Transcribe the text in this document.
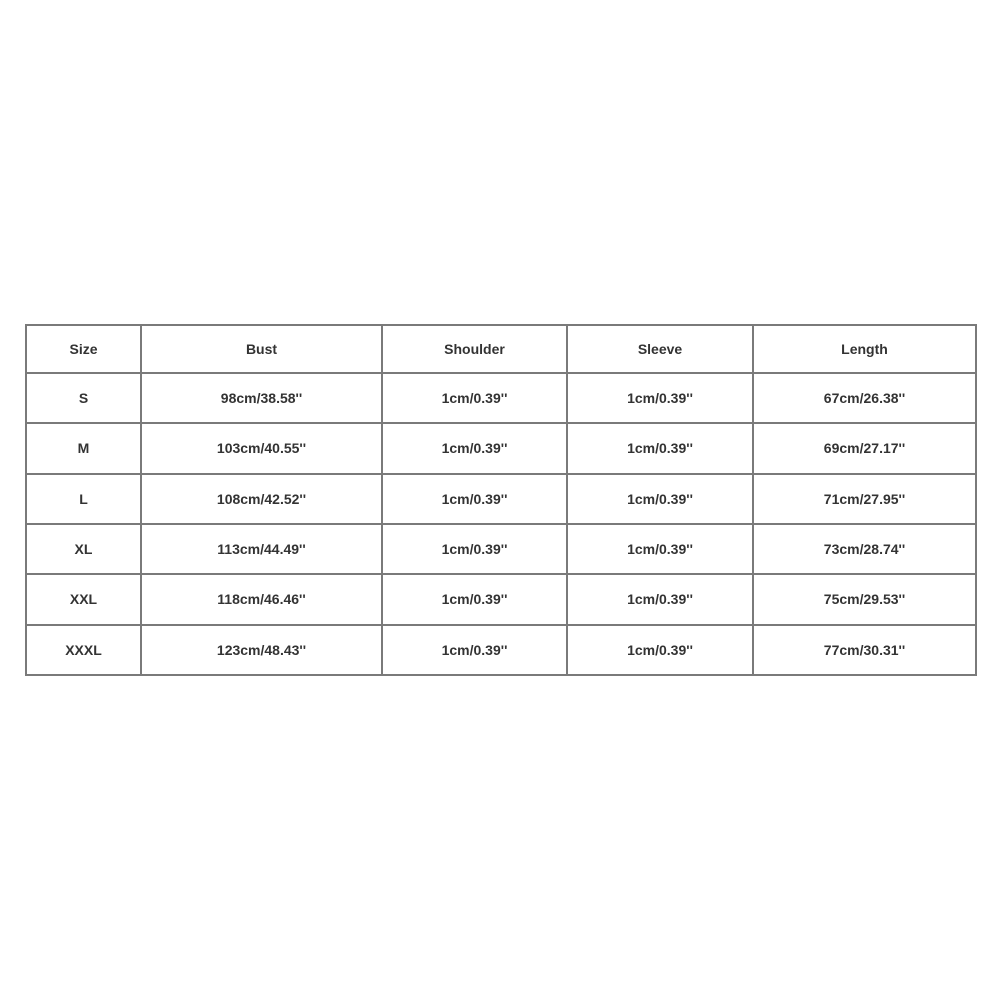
Size	Bust	Shoulder	Sleeve	Length
S	98cm/38.58''	1cm/0.39''	1cm/0.39''	67cm/26.38''
M	103cm/40.55''	1cm/0.39''	1cm/0.39''	69cm/27.17''
L	108cm/42.52''	1cm/0.39''	1cm/0.39''	71cm/27.95''
XL	113cm/44.49''	1cm/0.39''	1cm/0.39''	73cm/28.74''
XXL	118cm/46.46''	1cm/0.39''	1cm/0.39''	75cm/29.53''
XXXL	123cm/48.43''	1cm/0.39''	1cm/0.39''	77cm/30.31''
